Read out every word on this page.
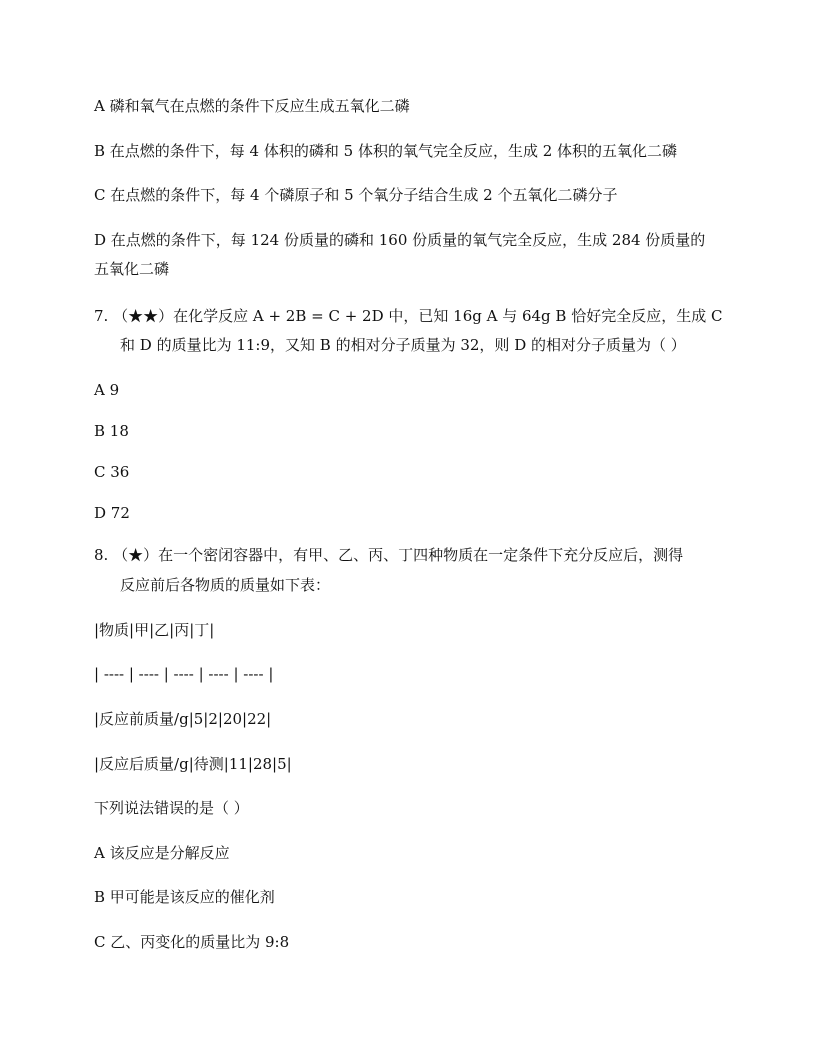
A 磷和氧气在点燃的条件下反应生成五氧化二磷
B 在点燃的条件下，每 4 体积的磷和 5 体积的氧气完全反应，生成 2 体积的五氧化二磷
C 在点燃的条件下，每 4 个磷原子和 5 个氧分子结合生成 2 个五氧化二磷分子
D 在点燃的条件下，每 124 份质量的磷和 160 份质量的氧气完全反应，生成 284 份质量的
五氧化二磷
7. （★★）在化学反应 A + 2B = C + 2D 中，已知 16g A 与 64g B 恰好完全反应，生成 C
和 D 的质量比为 11:9，又知 B 的相对分子质量为 32，则 D 的相对分子质量为（ ）
A 9
B 18
C 36
D 72
8. （★）在一个密闭容器中，有甲、乙、丙、丁四种物质在一定条件下充分反应后，测得
反应前后各物质的质量如下表：
|物质|甲|乙|丙|丁|
| ---- | ---- | ---- | ---- | ---- |
|反应前质量/g|5|2|20|22|
|反应后质量/g|待测|11|28|5|
下列说法错误的是（ ）
A 该反应是分解反应
B 甲可能是该反应的催化剂
C 乙、丙变化的质量比为 9:8
